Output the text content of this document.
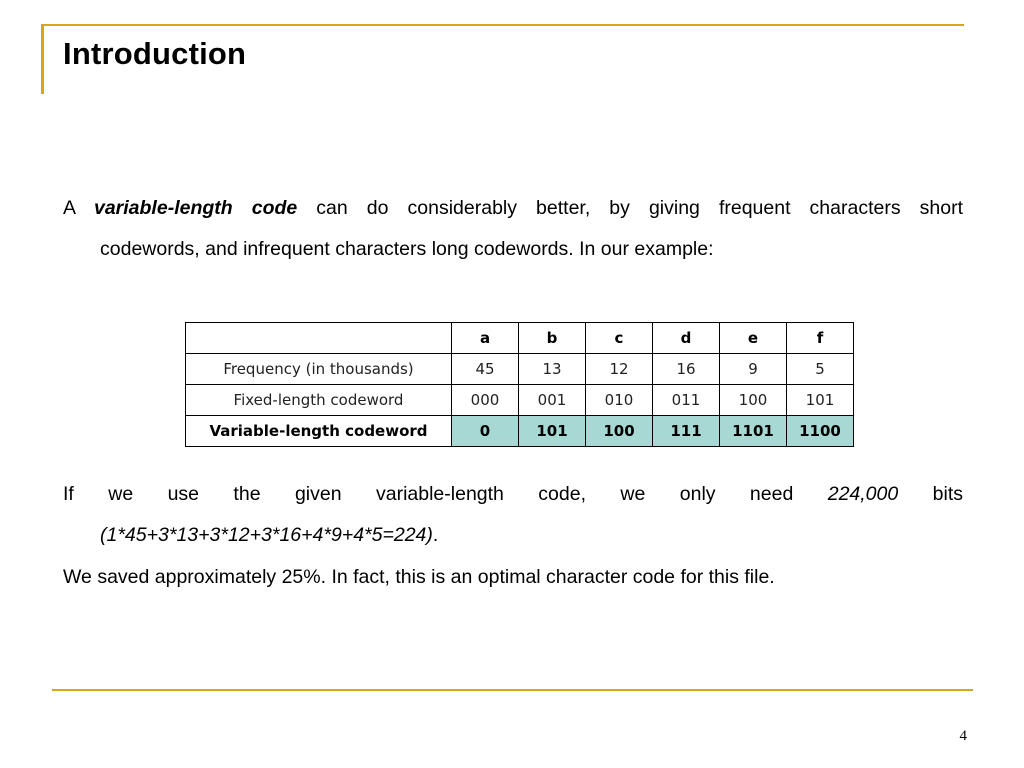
Introduction
A variable-length code can do considerably better, by giving frequent characters short
codewords, and infrequent characters long codewords. In our example:
	a	b	c	d	e	f
Frequency (in thousands)	45	13	12	16	9	5
Fixed-length codeword	000	001	010	011	100	101
Variable-length codeword	0	101	100	111	1101	1100
If we use the given variable-length code, we only need 224,000 bits
(1*45+3*13+3*12+3*16+4*9+4*5=224).
We saved approximately 25%. In fact, this is an optimal character code for this file.
4
